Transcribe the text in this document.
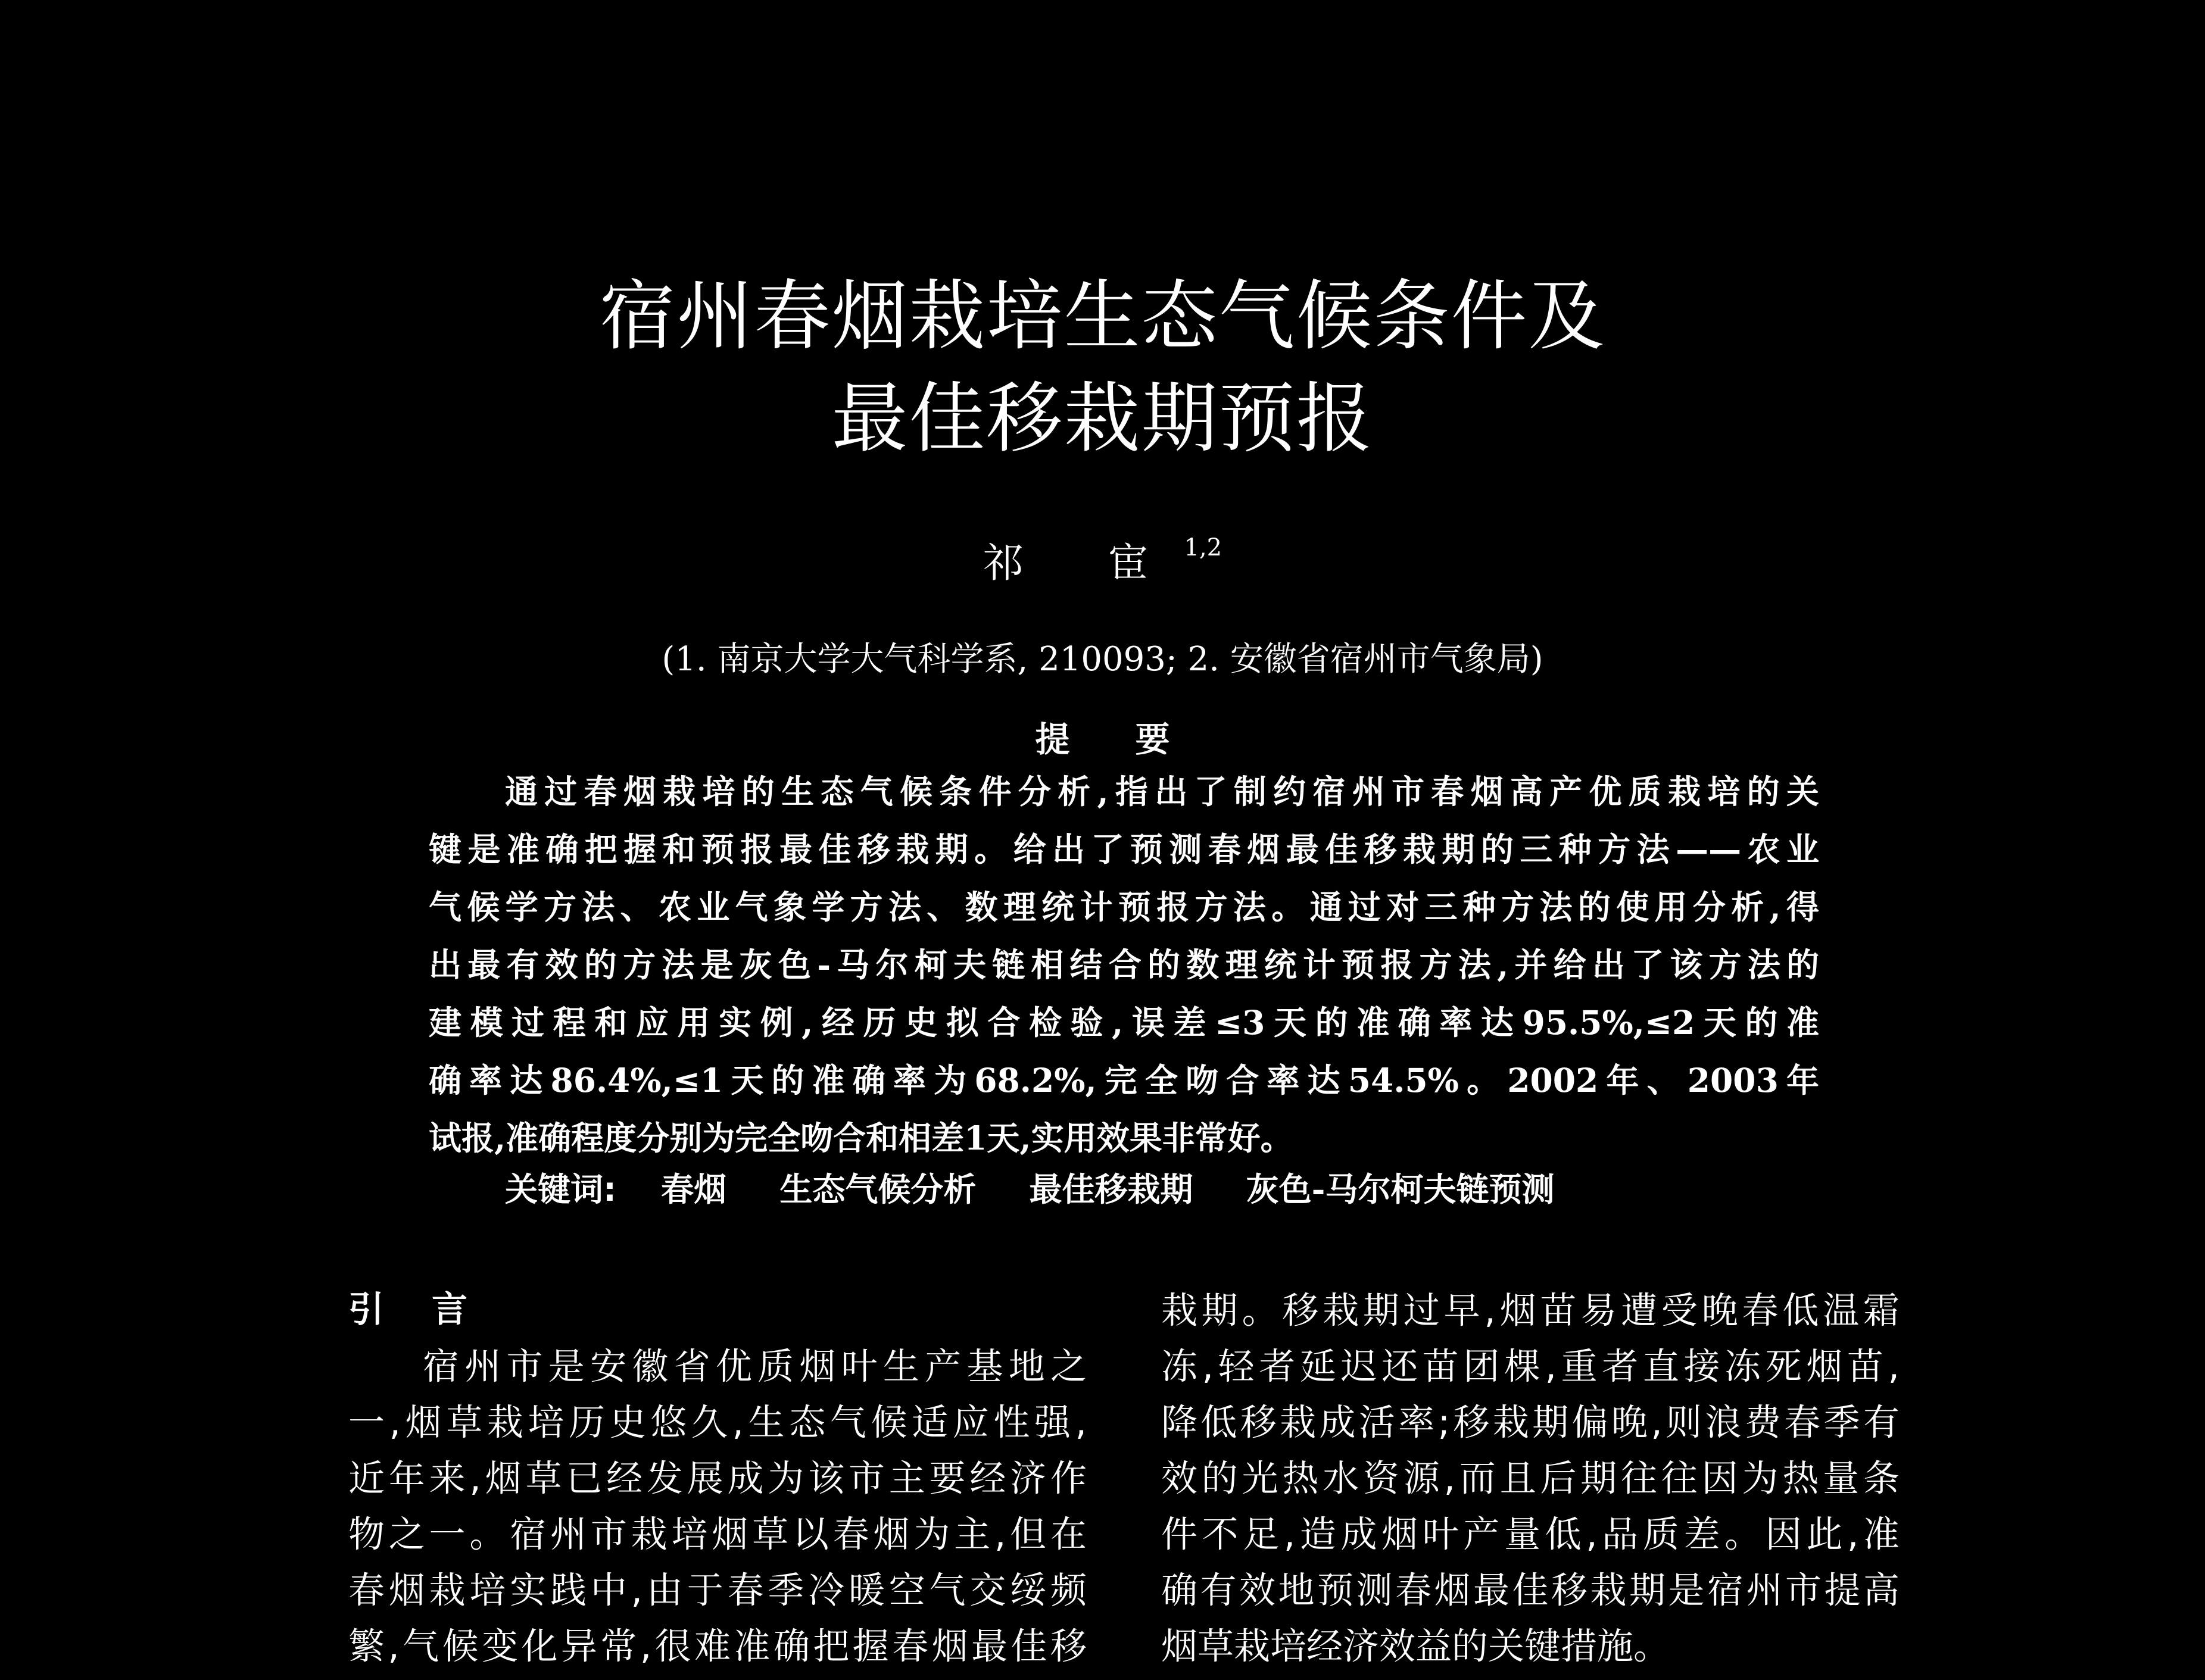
宿州春烟栽培生态气候条件及
最佳移栽期预报
祁 宦$^{1,2}$
(1. 南京大学大气科学系, 210093; 2. 安徽省宿州市气象局)
提要
通过春烟栽培的生态气候条件分析,指出了制约宿州市春烟高产优质栽培的关
键是准确把握和预报最佳移栽期。给出了预测春烟最佳移栽期的三种方法——农业
气候学方法、农业气象学方法、数理统计预报方法。通过对三种方法的使用分析,得
出最有效的方法是灰色-马尔柯夫链相结合的数理统计预报方法,并给出了该方法的
建模过程和应用实例,经历史拟合检验,误差≤3天的准确率达95.5%,≤2天的准
确率达86.4%,≤1天的准确率为68.2%,完全吻合率达54.5%。2002年、2003年
试报,准确程度分别为完全吻合和相差1天,实用效果非常好。
关键词: 春烟 生态气候分析 最佳移栽期 灰色-马尔柯夫链预测
引言
宿州市是安徽省优质烟叶生产基地之
一,烟草栽培历史悠久,生态气候适应性强,
近年来,烟草已经发展成为该市主要经济作
物之一。宿州市栽培烟草以春烟为主,但在
春烟栽培实践中,由于春季冷暖空气交绥频
繁,气候变化异常,很难准确把握春烟最佳移
栽期。移栽期过早,烟苗易遭受晚春低温霜
冻,轻者延迟还苗团棵,重者直接冻死烟苗,
降低移栽成活率;移栽期偏晚,则浪费春季有
效的光热水资源,而且后期往往因为热量条
件不足,造成烟叶产量低,品质差。因此,准
确有效地预测春烟最佳移栽期是宿州市提高
烟草栽培经济效益的关键措施。
